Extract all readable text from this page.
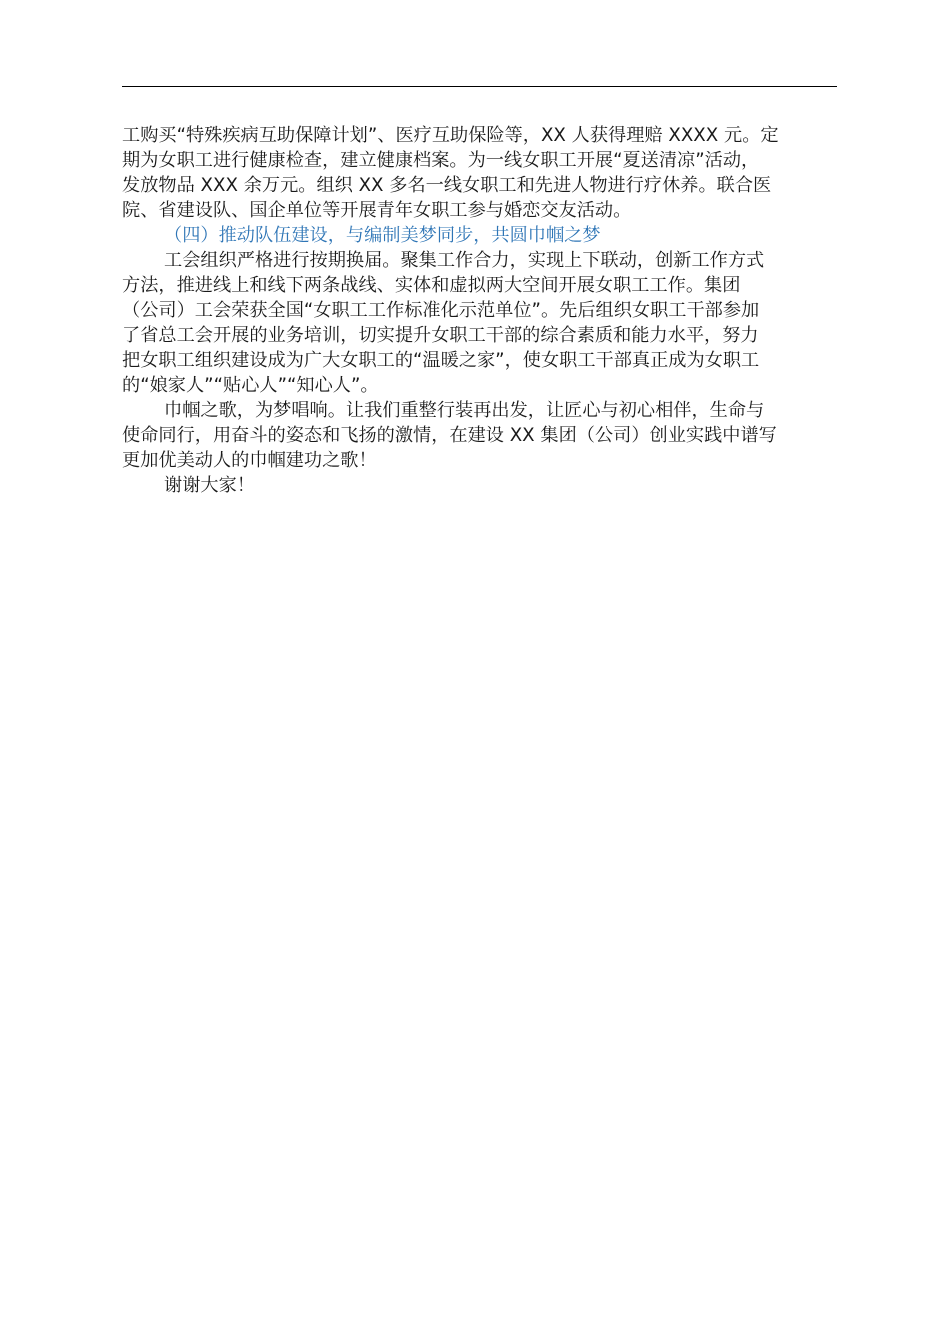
工购买“特殊疾病互助保障计划”、医疗互助保险等，XX 人获得理赔 XXXX 元。定
期为女职工进行健康检查，建立健康档案。为一线女职工开展“夏送清凉”活动，
发放物品 XXX 余万元。组织 XX 多名一线女职工和先进人物进行疗休养。联合医
院、省建设队、国企单位等开展青年女职工参与婚恋交友活动。
（四）推动队伍建设，与编制美梦同步，共圆巾帼之梦
工会组织严格进行按期换届。聚集工作合力，实现上下联动，创新工作方式
方法，推进线上和线下两条战线、实体和虚拟两大空间开展女职工工作。集团
（公司）工会荣获全国“女职工工作标准化示范单位”。先后组织女职工干部参加
了省总工会开展的业务培训，切实提升女职工干部的综合素质和能力水平，努力
把女职工组织建设成为广大女职工的“温暖之家”，使女职工干部真正成为女职工
的“娘家人”“贴心人”“知心人”。
巾帼之歌，为梦唱响。让我们重整行装再出发，让匠心与初心相伴，生命与
使命同行，用奋斗的姿态和飞扬的激情，在建设 XX 集团（公司）创业实践中谱写
更加优美动人的巾帼建功之歌！
谢谢大家！
